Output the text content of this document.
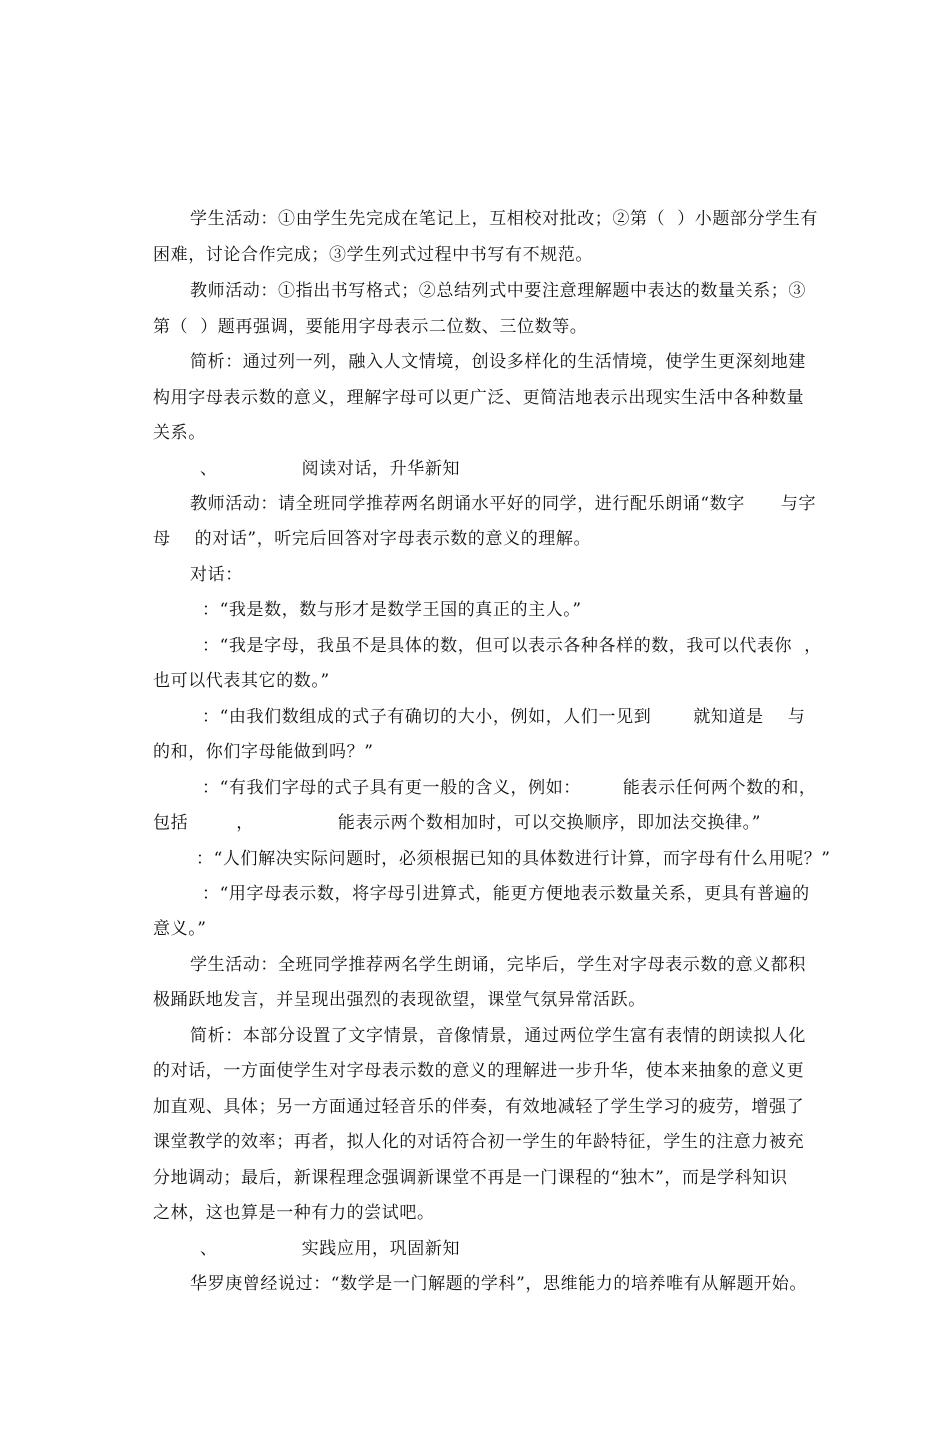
学生活动：①由学生先完成在笔记上，互相校对批改；②第（  ）小题部分学生有
困难，讨论合作完成；③学生列式过程中书写有不规范。
教师活动：①指出书写格式；②总结列式中要注意理解题中表达的数量关系；③
第（  ）题再强调，要能用字母表示二位数、三位数等。
简析：通过列一列，融入人文情境，创设多样化的生活情境，使学生更深刻地建
构用字母表示数的意义，理解字母可以更广泛、更简洁地表示出现实生活中各种数量
关系。
、              阅读对话，升华新知
教师活动：请全班同学推荐两名朗诵水平好的同学，进行配乐朗诵“数字      与字
母    的对话”，听完后回答对字母表示数的意义的理解。
对话：
：“我是数，数与形才是数学王国的真正的主人。”
：“我是字母，我虽不是具体的数，但可以表示各种各样的数，我可以代表你  ，
也可以代表其它的数。”
：“由我们数组成的式子有确切的大小，例如，人们一见到       就知道是    与
的和，你们字母能做到吗？”
：“有我们字母的式子具有更一般的含义，例如：       能表示任何两个数的和，
包括        ，              能表示两个数相加时，可以交换顺序，即加法交换律。”
：“人们解决实际问题时，必须根据已知的具体数进行计算，而字母有什么用呢？”
：“用字母表示数，将字母引进算式，能更方便地表示数量关系，更具有普遍的
意义。”
学生活动：全班同学推荐两名学生朗诵，完毕后，学生对字母表示数的意义都积
极踊跃地发言，并呈现出强烈的表现欲望，课堂气氛异常活跃。
简析：本部分设置了文字情景，音像情景，通过两位学生富有表情的朗读拟人化
的对话，一方面使学生对字母表示数的意义的理解进一步升华，使本来抽象的意义更
加直观、具体；另一方面通过轻音乐的伴奏，有效地减轻了学生学习的疲劳，增强了
课堂教学的效率；再者，拟人化的对话符合初一学生的年龄特征，学生的注意力被充
分地调动；最后，新课程理念强调新课堂不再是一门课程的“独木”，而是学科知识
之林，这也算是一种有力的尝试吧。
、              实践应用，巩固新知
华罗庚曾经说过：“数学是一门解题的学科”，思维能力的培养唯有从解题开始。
